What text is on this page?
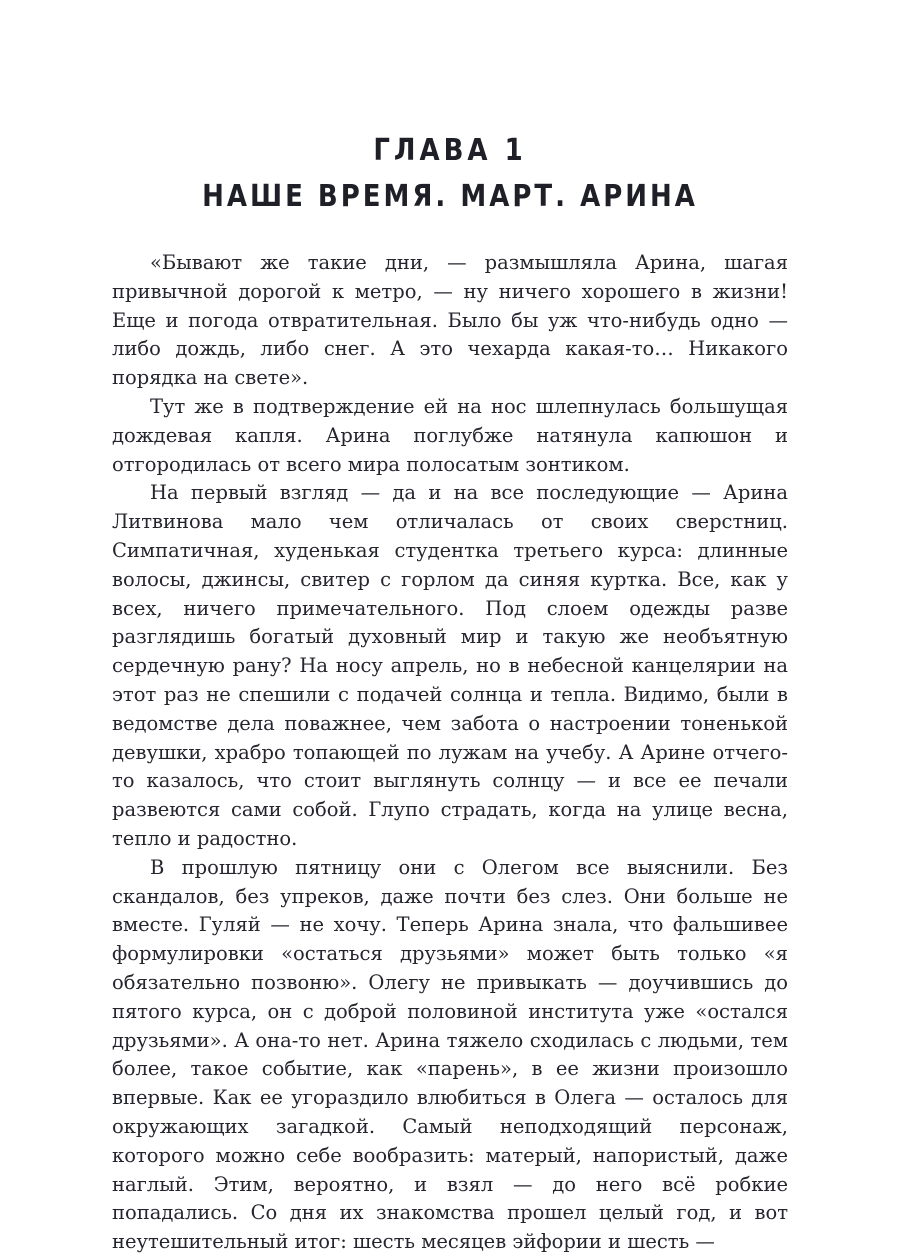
ГЛАВА 1
НАШЕ ВРЕМЯ. МАРТ. АРИНА

«Бывают же такие дни, — размышляла Арина, шагая привычной дорогой к метро, — ну ничего хорошего в жизни! Еще и погода отвратительная. Было бы уж что-нибудь одно — либо дождь, либо снег. А это чехарда какая-то… Никакого порядка на свете».

Тут же в подтверждение ей на нос шлепнулась большущая дождевая капля. Арина поглубже натянула капюшон и отгородилась от всего мира полосатым зонтиком.

На первый взгляд — да и на все последующие — Арина Литвинова мало чем отличалась от своих сверстниц. Симпатичная, худенькая студентка третьего курса: длинные волосы, джинсы, свитер с горлом да синяя куртка. Все, как у всех, ничего примечательного. Под слоем одежды разве разглядишь богатый духовный мир и такую же необъятную сердечную рану? На носу апрель, но в небесной канцелярии на этот раз не спешили с подачей солнца и тепла. Видимо, были в ведомстве дела поважнее, чем забота о настроении тоненькой девушки, храбро топающей по лужам на учебу. А Арине отчего-то казалось, что стоит выглянуть солнцу — и все ее печали развеются сами собой. Глупо страдать, когда на улице весна, тепло и радостно.

В прошлую пятницу они с Олегом все выяснили. Без скандалов, без упреков, даже почти без слез. Они больше не вместе. Гуляй — не хочу. Теперь Арина знала, что фальшивее формулировки «остаться друзьями» может быть только «я обязательно позвоню». Олегу не привыкать — доучившись до пятого курса, он с доброй половиной института уже «остался друзьями». А она-то нет. Арина тяжело сходилась с людьми, тем более, такое событие, как «парень», в ее жизни произошло впервые. Как ее угораздило влюбиться в Олега — осталось для окружающих загадкой. Самый неподходящий персонаж, которого можно себе вообразить: матерый, напористый, даже наглый. Этим, вероятно, и взял — до него всё робкие попадались. Со дня их знакомства прошел целый год, и вот неутешительный итог: шесть месяцев эйфории и шесть —
